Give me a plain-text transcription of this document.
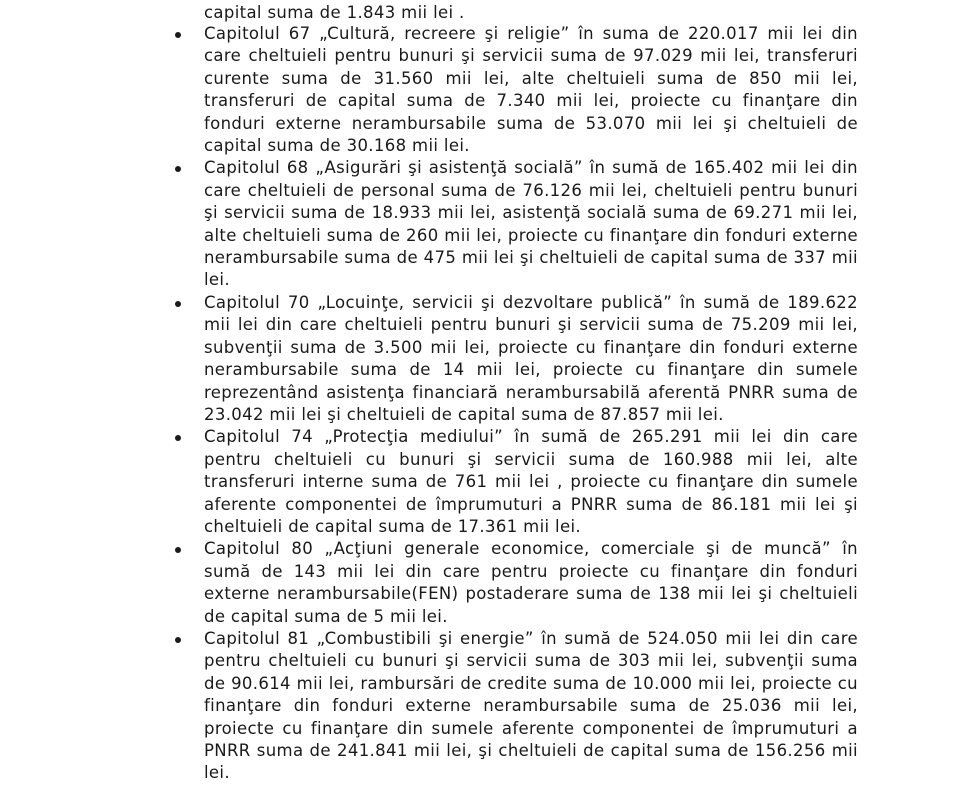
capital suma de 1.843 mii lei .
Capitolul 67 „Cultură, recreere şi religie” în suma de 220.017 mii lei din care cheltuieli pentru bunuri şi servicii suma de 97.029 mii lei, transferuri curente suma de 31.560 mii lei, alte cheltuieli suma de 850 mii lei, transferuri de capital suma de 7.340 mii lei, proiecte cu finanţare din fonduri externe nerambursabile suma de 53.070 mii lei şi cheltuieli de capital suma de 30.168 mii lei.
Capitolul 68 „Asigurări şi asistenţă socială” în sumă de 165.402 mii lei din care cheltuieli de personal suma de 76.126 mii lei, cheltuieli pentru bunuri şi servicii suma de 18.933 mii lei, asistenţă socială suma de 69.271 mii lei, alte cheltuieli suma de 260 mii lei, proiecte cu finanţare din fonduri externe nerambursabile suma de 475 mii lei şi cheltuieli de capital suma de 337 mii lei.
Capitolul 70 „Locuinţe, servicii şi dezvoltare publică” în sumă de 189.622 mii lei din care cheltuieli pentru bunuri şi servicii suma de 75.209 mii lei, subvenţii suma de 3.500 mii lei, proiecte cu finanţare din fonduri externe nerambursabile suma de 14 mii lei, proiecte cu finanţare din sumele reprezentând asistenţa financiară nerambursabilă aferentă PNRR suma de 23.042 mii lei şi cheltuieli de capital suma de 87.857 mii lei.
Capitolul 74 „Protecţia mediului” în sumă de 265.291 mii lei din care pentru cheltuieli cu bunuri şi servicii suma de 160.988 mii lei, alte transferuri interne suma de 761 mii lei , proiecte cu finanţare din sumele aferente componentei de împrumuturi a PNRR suma de 86.181 mii lei şi cheltuieli de capital suma de 17.361 mii lei.
Capitolul 80 „Acţiuni generale economice, comerciale şi de muncă” în sumă de 143 mii lei din care pentru proiecte cu finanţare din fonduri externe nerambursabile(FEN) postaderare suma de 138 mii lei şi cheltuieli de capital suma de 5 mii lei.
Capitolul 81 „Combustibili şi energie” în sumă de 524.050 mii lei din care pentru cheltuieli cu bunuri şi servicii suma de 303 mii lei, subvenţii suma de 90.614 mii lei, rambursări de credite suma de 10.000 mii lei, proiecte cu finanţare din fonduri externe nerambursabile suma de 25.036 mii lei, proiecte cu finanţare din sumele aferente componentei de împrumuturi a PNRR suma de 241.841 mii lei, şi cheltuieli de capital suma de 156.256 mii lei.
